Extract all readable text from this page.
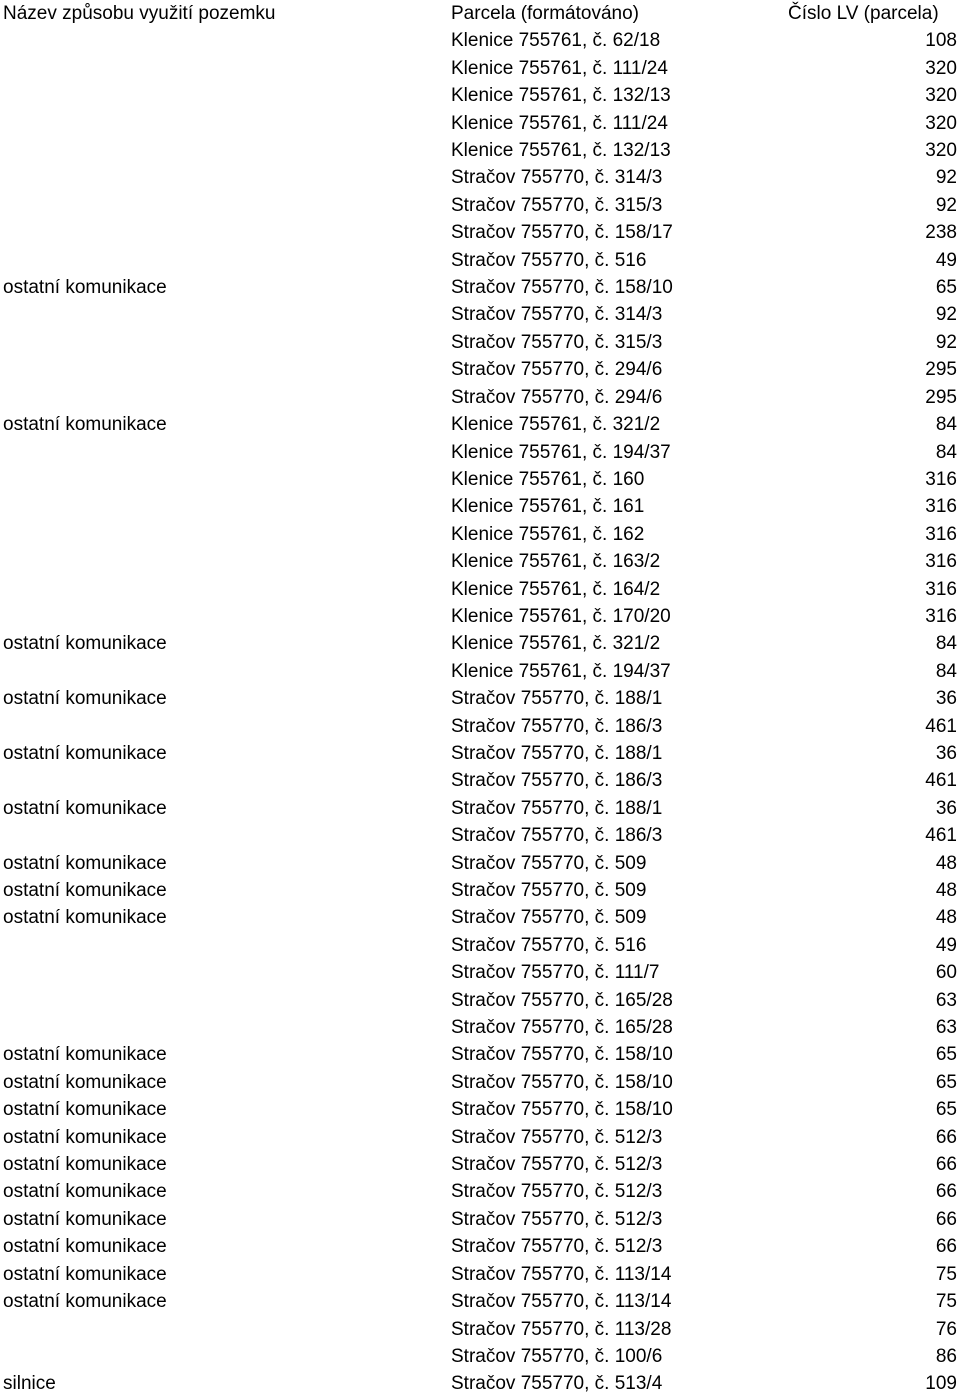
Název způsobu využití pozemku	Parcela (formátováno)	Číslo LV (parcela)
	Klenice 755761, č. 62/18	108
	Klenice 755761, č. 111/24	320
	Klenice 755761, č. 132/13	320
	Klenice 755761, č. 111/24	320
	Klenice 755761, č. 132/13	320
	Stračov 755770, č. 314/3	92
	Stračov 755770, č. 315/3	92
	Stračov 755770, č. 158/17	238
	Stračov 755770, č. 516	49
ostatní komunikace	Stračov 755770, č. 158/10	65
	Stračov 755770, č. 314/3	92
	Stračov 755770, č. 315/3	92
	Stračov 755770, č. 294/6	295
	Stračov 755770, č. 294/6	295
ostatní komunikace	Klenice 755761, č. 321/2	84
	Klenice 755761, č. 194/37	84
	Klenice 755761, č. 160	316
	Klenice 755761, č. 161	316
	Klenice 755761, č. 162	316
	Klenice 755761, č. 163/2	316
	Klenice 755761, č. 164/2	316
	Klenice 755761, č. 170/20	316
ostatní komunikace	Klenice 755761, č. 321/2	84
	Klenice 755761, č. 194/37	84
ostatní komunikace	Stračov 755770, č. 188/1	36
	Stračov 755770, č. 186/3	461
ostatní komunikace	Stračov 755770, č. 188/1	36
	Stračov 755770, č. 186/3	461
ostatní komunikace	Stračov 755770, č. 188/1	36
	Stračov 755770, č. 186/3	461
ostatní komunikace	Stračov 755770, č. 509	48
ostatní komunikace	Stračov 755770, č. 509	48
ostatní komunikace	Stračov 755770, č. 509	48
	Stračov 755770, č. 516	49
	Stračov 755770, č. 111/7	60
	Stračov 755770, č. 165/28	63
	Stračov 755770, č. 165/28	63
ostatní komunikace	Stračov 755770, č. 158/10	65
ostatní komunikace	Stračov 755770, č. 158/10	65
ostatní komunikace	Stračov 755770, č. 158/10	65
ostatní komunikace	Stračov 755770, č. 512/3	66
ostatní komunikace	Stračov 755770, č. 512/3	66
ostatní komunikace	Stračov 755770, č. 512/3	66
ostatní komunikace	Stračov 755770, č. 512/3	66
ostatní komunikace	Stračov 755770, č. 512/3	66
ostatní komunikace	Stračov 755770, č. 113/14	75
ostatní komunikace	Stračov 755770, č. 113/14	75
	Stračov 755770, č. 113/28	76
	Stračov 755770, č. 100/6	86
silnice	Stračov 755770, č. 513/4	109
